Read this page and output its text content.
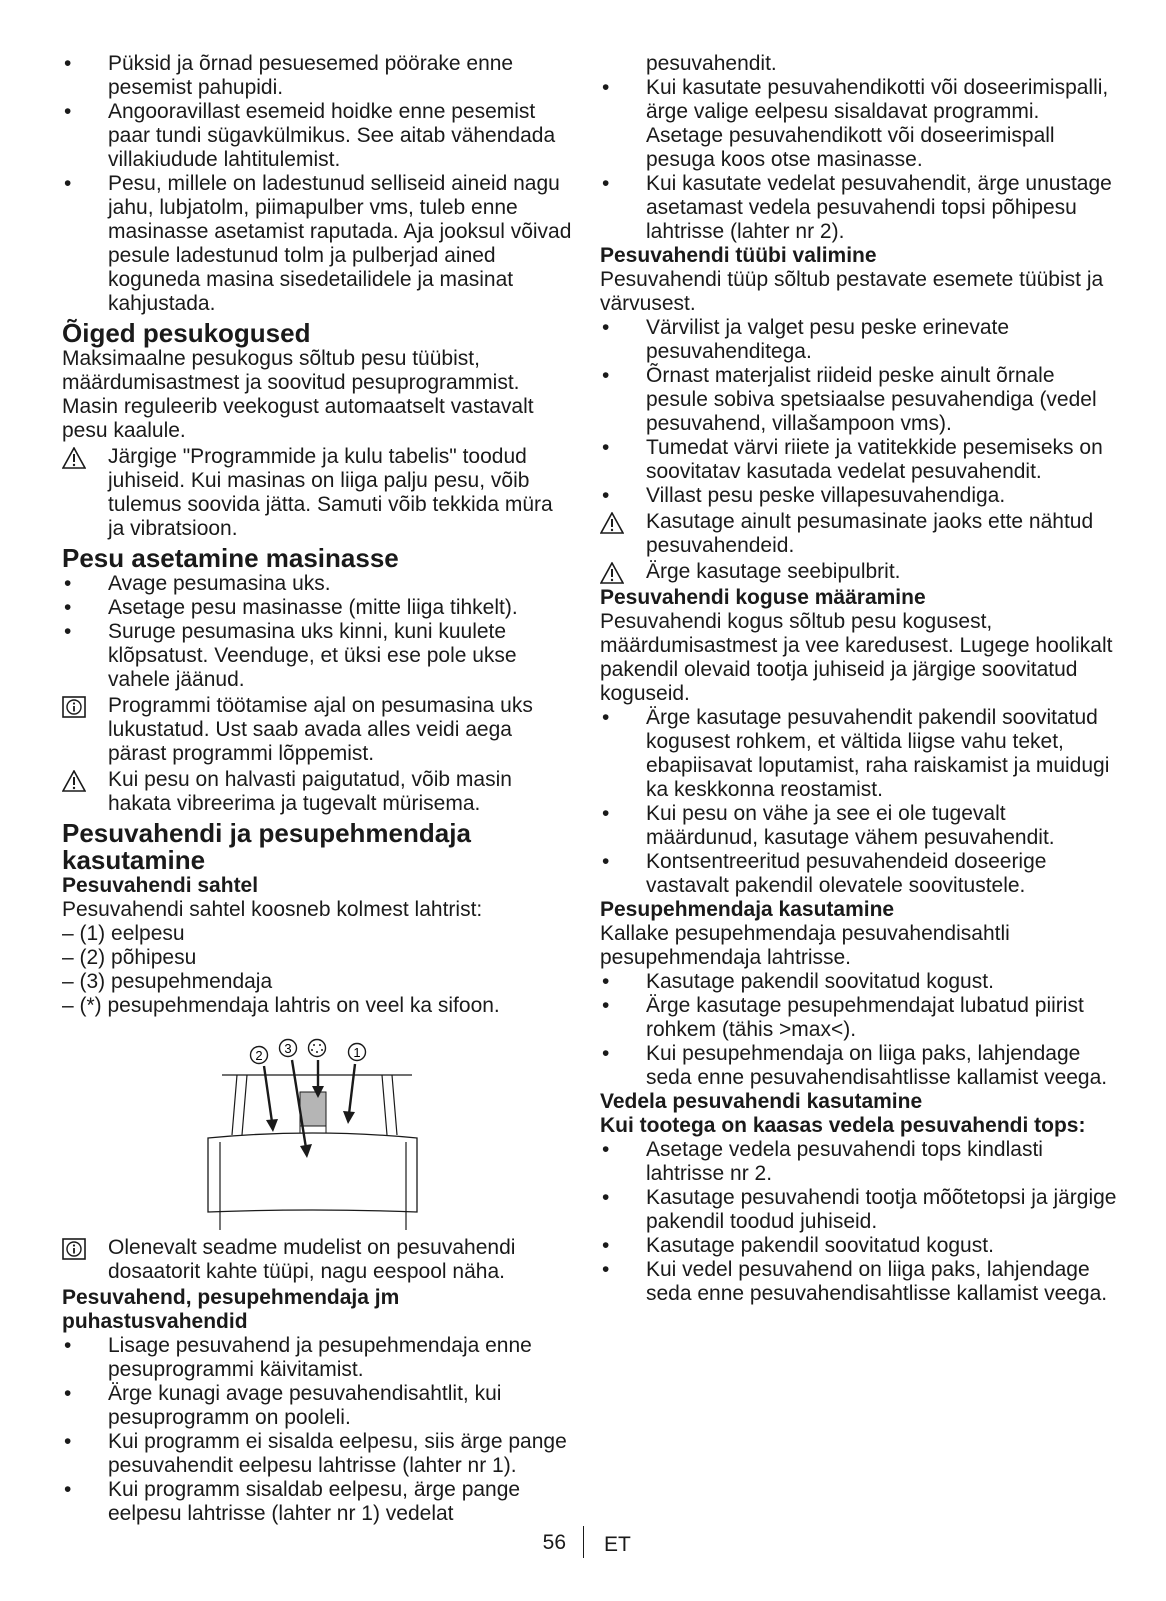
• Püksid ja õrnad pesuesemed pöörake enne pesemist pahupidi.
• Angooravillast esemeid hoidke enne pesemist paar tundi sügavkülmikus. See aitab vähendada villakiudude lahtitulemist.
• Pesu, millele on ladestunud selliseid aineid nagu jahu, lubjatolm, piimapulber vms, tuleb enne masinasse asetamist raputada. Aja jooksul võivad pesule ladestunud tolm ja pulberjad ained koguneda masina sisedetailidele ja masinat kahjustada.
Õiged pesukogused

Maksimaalne pesukogus sõltub pesu tüübist, määrdumisastmest ja soovitud pesuprogrammist. Masin reguleerib veekogust automaatselt vastavalt pesu kaalule.

Järgige "Programmide ja kulu tabelis" toodud juhiseid. Kui masinas on liiga palju pesu, võib tulemus soovida jätta. Samuti võib tekkida müra ja vibratsioon.
Pesu asetamine masinasse
• Avage pesumasina uks.
• Asetage pesu masinasse (mitte liiga tihkelt).
• Suruge pesumasina uks kinni, kuni kuulete klõpsatust. Veenduge, et üksi ese pole ukse vahele jäänud.
Programmi töötamise ajal on pesumasina uks lukustatud. Ust saab avada alles veidi aega pärast programmi lõppemist.
Kui pesu on halvasti paigutatud, võib masin hakata vibreerima ja tugevalt mürisema.
Pesuvahendi ja pesupehmendaja kasutamine
Pesuvahendi sahtel

Pesuvahendi sahtel koosneb kolmest lahtrist:

– (1) eelpesu
– (2) põhipesu
– (3) pesupehmendaja
– (*) pesupehmendaja lahtris on veel ka sifoon.
2 3	1
Olenevalt seadme mudelist on pesuvahendi dosaatorit kahte tüüpi, nagu eespool näha.
Pesuvahend, pesupehmendaja jm puhastusvahendid
• Lisage pesuvahend ja pesupehmendaja enne pesuprogrammi käivitamist.
• Ärge kunagi avage pesuvahendisahtlit, kui pesuprogramm on pooleli.
• Kui programm ei sisalda eelpesu, siis ärge pange pesuvahendit eelpesu lahtrisse (lahter nr 1).
• Kui programm sisaldab eelpesu, ärge pange eelpesu lahtrisse (lahter nr 1) vedelat

pesuvahendit.

• Kui kasutate pesuvahendikotti või doseerimispalli, ärge valige eelpesu sisaldavat programmi. Asetage pesuvahendikott või doseerimispall pesuga koos otse masinasse.
• Kui kasutate vedelat pesuvahendit, ärge unustage asetamast vedela pesuvahendi topsi põhipesu lahtrisse (lahter nr 2).
Pesuvahendi tüübi valimine

Pesuvahendi tüüp sõltub pestavate esemete tüübist ja värvusest.

• Värvilist ja valget pesu peske erinevate pesuvahenditega.
• Õrnast materjalist riideid peske ainult õrnale pesule sobiva spetsiaalse pesuvahendiga (vedel pesuvahend, villašampoon vms).
• Tumedat värvi riiete ja vatitekkide pesemiseks on soovitatav kasutada vedelat pesuvahendit.
• Villast pesu peske villapesuvahendiga.
Kasutage ainult pesumasinate jaoks ette nähtud pesuvahendeid.
Ärge kasutage seebipulbrit.
Pesuvahendi koguse määramine

Pesuvahendi kogus sõltub pesu kogusest, määrdumisastmest ja vee karedusest. Lugege hoolikalt pakendil olevaid tootja juhiseid ja järgige soovitatud koguseid.

• Ärge kasutage pesuvahendit pakendil soovitatud kogusest rohkem, et vältida liigse vahu teket, ebapiisavat loputamist, raha raiskamist ja muidugi ka keskkonna reostamist.
• Kui pesu on vähe ja see ei ole tugevalt määrdunud, kasutage vähem pesuvahendit.
• Kontsentreeritud pesuvahendeid doseerige vastavalt pakendil olevatele soovitustele.
Pesupehmendaja kasutamine

Kallake pesupehmendaja pesuvahendisahtli pesupehmendaja lahtrisse.

• Kasutage pakendil soovitatud kogust.
• Ärge kasutage pesupehmendajat lubatud piirist rohkem (tähis >max<).
• Kui pesupehmendaja on liiga paks, lahjendage seda enne pesuvahendisahtlisse kallamist veega.
Vedela pesuvahendi kasutamine
Kui tootega on kaasas vedela pesuvahendi tops:
• Asetage vedela pesuvahendi tops kindlasti lahtrisse nr 2.
• Kasutage pesuvahendi tootja mõõtetopsi ja järgige pakendil toodud juhiseid.
• Kasutage pakendil soovitatud kogust.
• Kui vedel pesuvahend on liiga paks, lahjendage seda enne pesuvahendisahtlisse kallamist veega.
56 ET
